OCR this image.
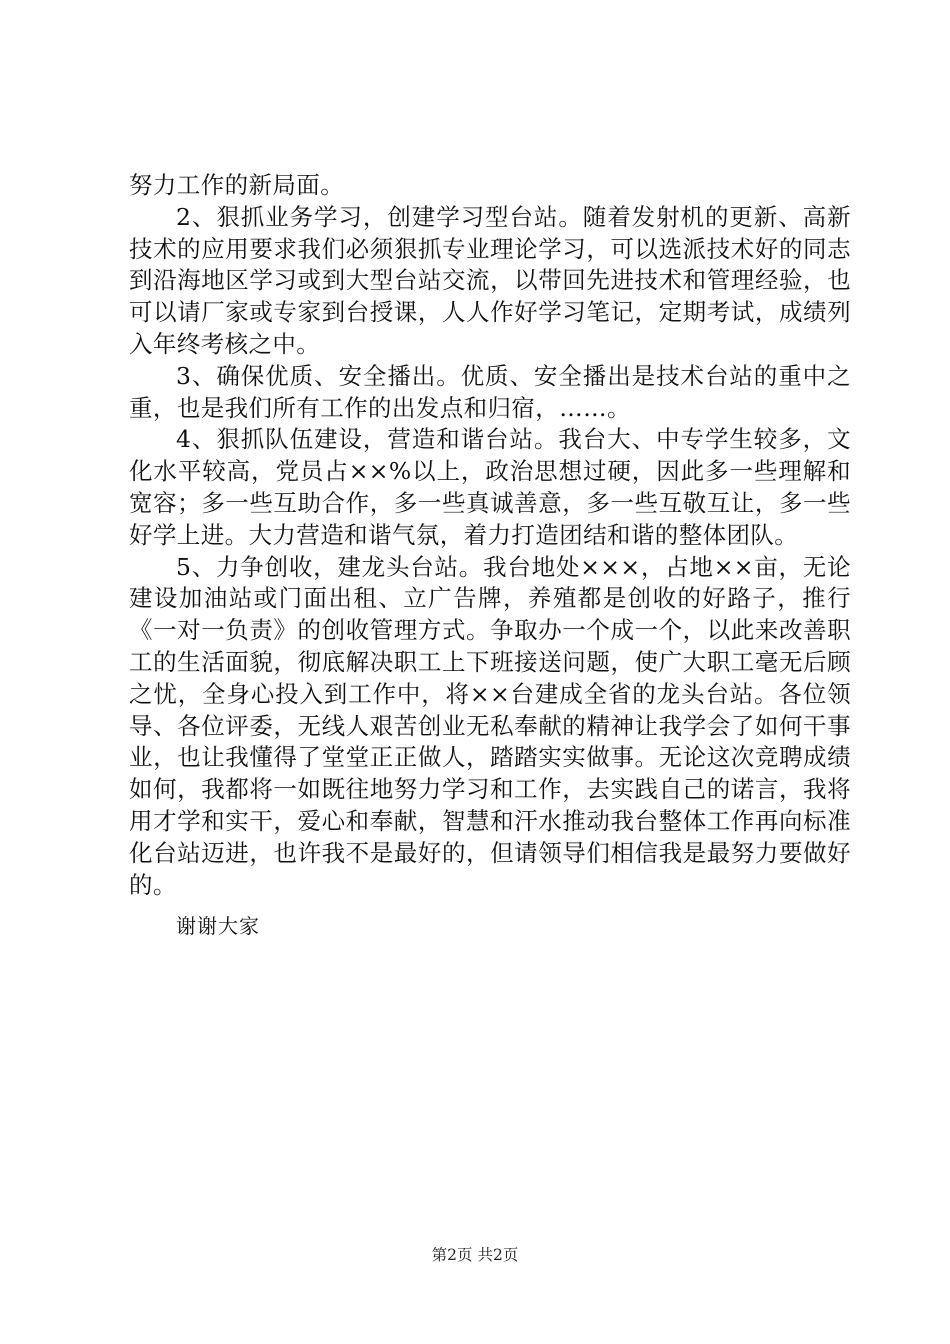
努力工作的新局面。

2、狠抓业务学习，创建学习型台站。随着发射机的更新、高新技术的应用要求我们必须狠抓专业理论学习，可以选派技术好的同志到沿海地区学习或到大型台站交流，以带回先进技术和管理经验，也可以请厂家或专家到台授课，人人作好学习笔记，定期考试，成绩列入年终考核之中。

3、确保优质、安全播出。优质、安全播出是技术台站的重中之重，也是我们所有工作的出发点和归宿，……。

4、狠抓队伍建设，营造和谐台站。我台大、中专学生较多，文化水平较高，党员占××%以上，政治思想过硬，因此多一些理解和宽容；多一些互助合作，多一些真诚善意，多一些互敬互让，多一些好学上进。大力营造和谐气氛，着力打造团结和谐的整体团队。

5、力争创收，建龙头台站。我台地处×××，占地××亩，无论建设加油站或门面出租、立广告牌，养殖都是创收的好路子，推行《一对一负责》的创收管理方式。争取办一个成一个，以此来改善职工的生活面貌，彻底解决职工上下班接送问题，使广大职工毫无后顾之忧，全身心投入到工作中，将××台建成全省的龙头台站。各位领导、各位评委，无线人艰苦创业无私奉献的精神让我学会了如何干事业，也让我懂得了堂堂正正做人，踏踏实实做事。无论这次竞聘成绩如何，我都将一如既往地努力学习和工作，去实践自己的诺言，我将用才学和实干，爱心和奉献，智慧和汗水推动我台整体工作再向标准化台站迈进，也许我不是最好的，但请领导们相信我是最努力要做好的。

谢谢大家
第2页 共2页
